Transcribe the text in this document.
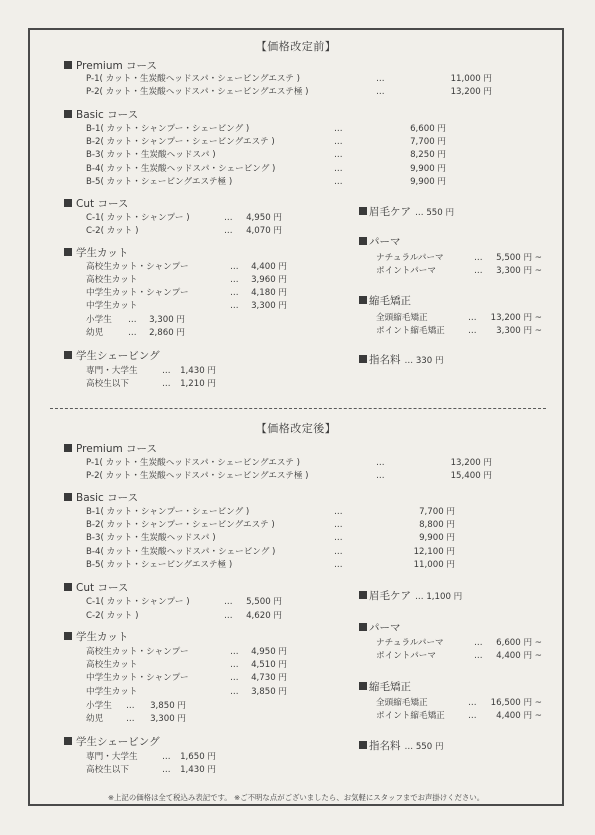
【価格改定前】
Premium コース
P-1( カット・生炭酸ヘッドスパ・シェービングエステ )	…	11,000 円
P-2( カット・生炭酸ヘッドスパ・シェービングエステ極 )	…	13,200 円
Basic コース
B-1( カット・シャンプー・シェービング )	…	6,600 円
B-2( カット・シャンプー・シェービングエステ )	…	7,700 円
B-3( カット・生炭酸ヘッドスパ )	…	8,250 円
B-4( カット・生炭酸ヘッドスパ・シェービング )	…	9,900 円
B-5( カット・シェービングエステ極 )	…	9,900 円
Cut コース
C-1( カット・シャンプー )	…	4,950 円
C-2( カット )	…	4,070 円
学生カット
高校生カット・シャンプー	…	4,400 円
高校生カット	…	3,960 円
中学生カット・シャンプー	…	4,180 円
中学生カット	…	3,300 円
小学生 …	3,300 円
幼児	…	2,860 円
学生シェービング
専門・大学生	…	1,430 円
高校生以下	…	1,210 円
眉毛ケア … 550 円
パーマ
ナチュラルパーマ	…	5,500 円 ~
ポイントパーマ	…	3,300 円 ~
縮毛矯正
全頭縮毛矯正	…	13,200 円 ~
ポイント縮毛矯正	…	3,300 円 ~
指名料 … 330 円
【価格改定後】
Premium コース
P-1( カット・生炭酸ヘッドスパ・シェービングエステ )	…	13,200 円
P-2( カット・生炭酸ヘッドスパ・シェービングエステ極 )	…	15,400 円
Basic コース
B-1( カット・シャンプー・シェービング )	…	7,700 円
B-2( カット・シャンプー・シェービングエステ )	…	8,800 円
B-3( カット・生炭酸ヘッドスパ )	…	9,900 円
B-4( カット・生炭酸ヘッドスパ・シェービング )	…	12,100 円
B-5( カット・シェービングエステ極 )	…	11,000 円
Cut コース
C-1( カット・シャンプー )	…	5,500 円
C-2( カット )	…	4,620 円
学生カット
高校生カット・シャンプー	…	4,950 円
高校生カット	…	4,510 円
中学生カット・シャンプー	…	4,730 円
中学生カット	…	3,850 円
小学生 …	3,850 円
幼児	…	3,300 円
学生シェービング
専門・大学生	…	1,650 円
高校生以下	…	1,430 円
眉毛ケア … 1,100 円
パーマ
ナチュラルパーマ	…	6,600 円 ~
ポイントパーマ	…	4,400 円 ~
縮毛矯正
全頭縮毛矯正	…	16,500 円 ~
ポイント縮毛矯正	…	4,400 円 ~
指名料 … 550 円
※上記の価格は全て税込み表記です。 ※ご不明な点がございましたら、お気軽にスタッフまでお声掛けください。
